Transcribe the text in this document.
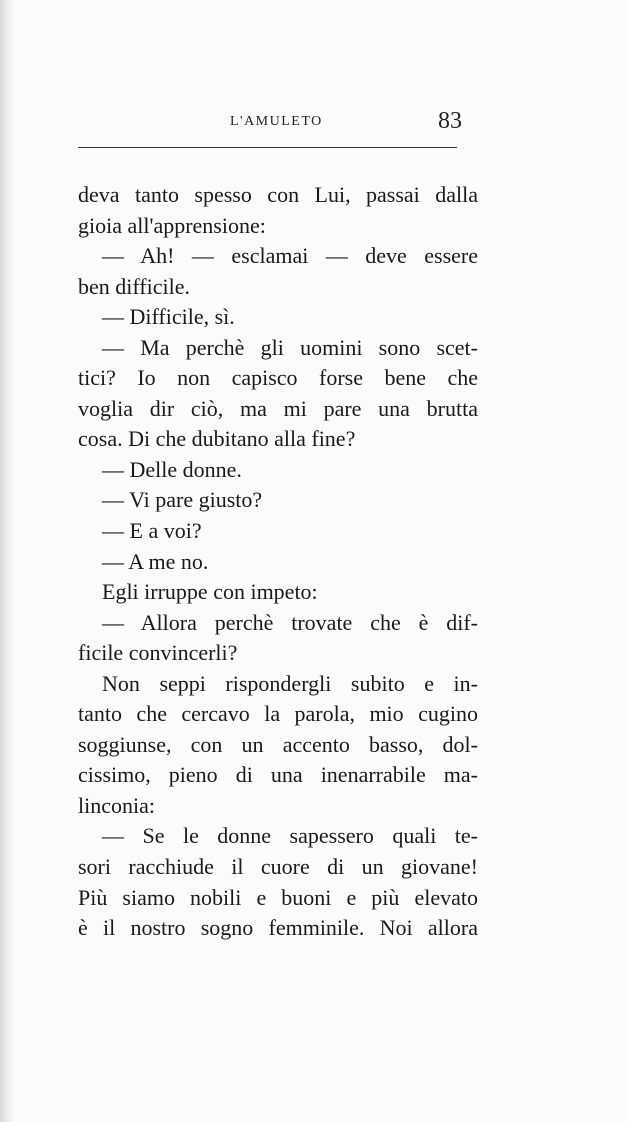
L'AMULETO	83
deva tanto spesso con Lui, passai dalla
gioia all'apprensione:
— Ah! — esclamai — deve essere
ben difficile.
— Difficile, sì.
— Ma perchè gli uomini sono scet-
tici? Io non capisco forse bene che
voglia dir ciò, ma mi pare una brutta
cosa. Di che dubitano alla fine?
— Delle donne.
— Vi pare giusto?
— E a voi?
— A me no.
Egli irruppe con impeto:
— Allora perchè trovate che è dif-
ficile convincerli?
Non seppi rispondergli subito e in-
tanto che cercavo la parola, mio cugino
soggiunse, con un accento basso, dol-
cissimo, pieno di una inenarrabile ma-
linconia:
— Se le donne sapessero quali te-
sori racchiude il cuore di un giovane!
Più siamo nobili e buoni e più elevato
è il nostro sogno femminile. Noi allora
